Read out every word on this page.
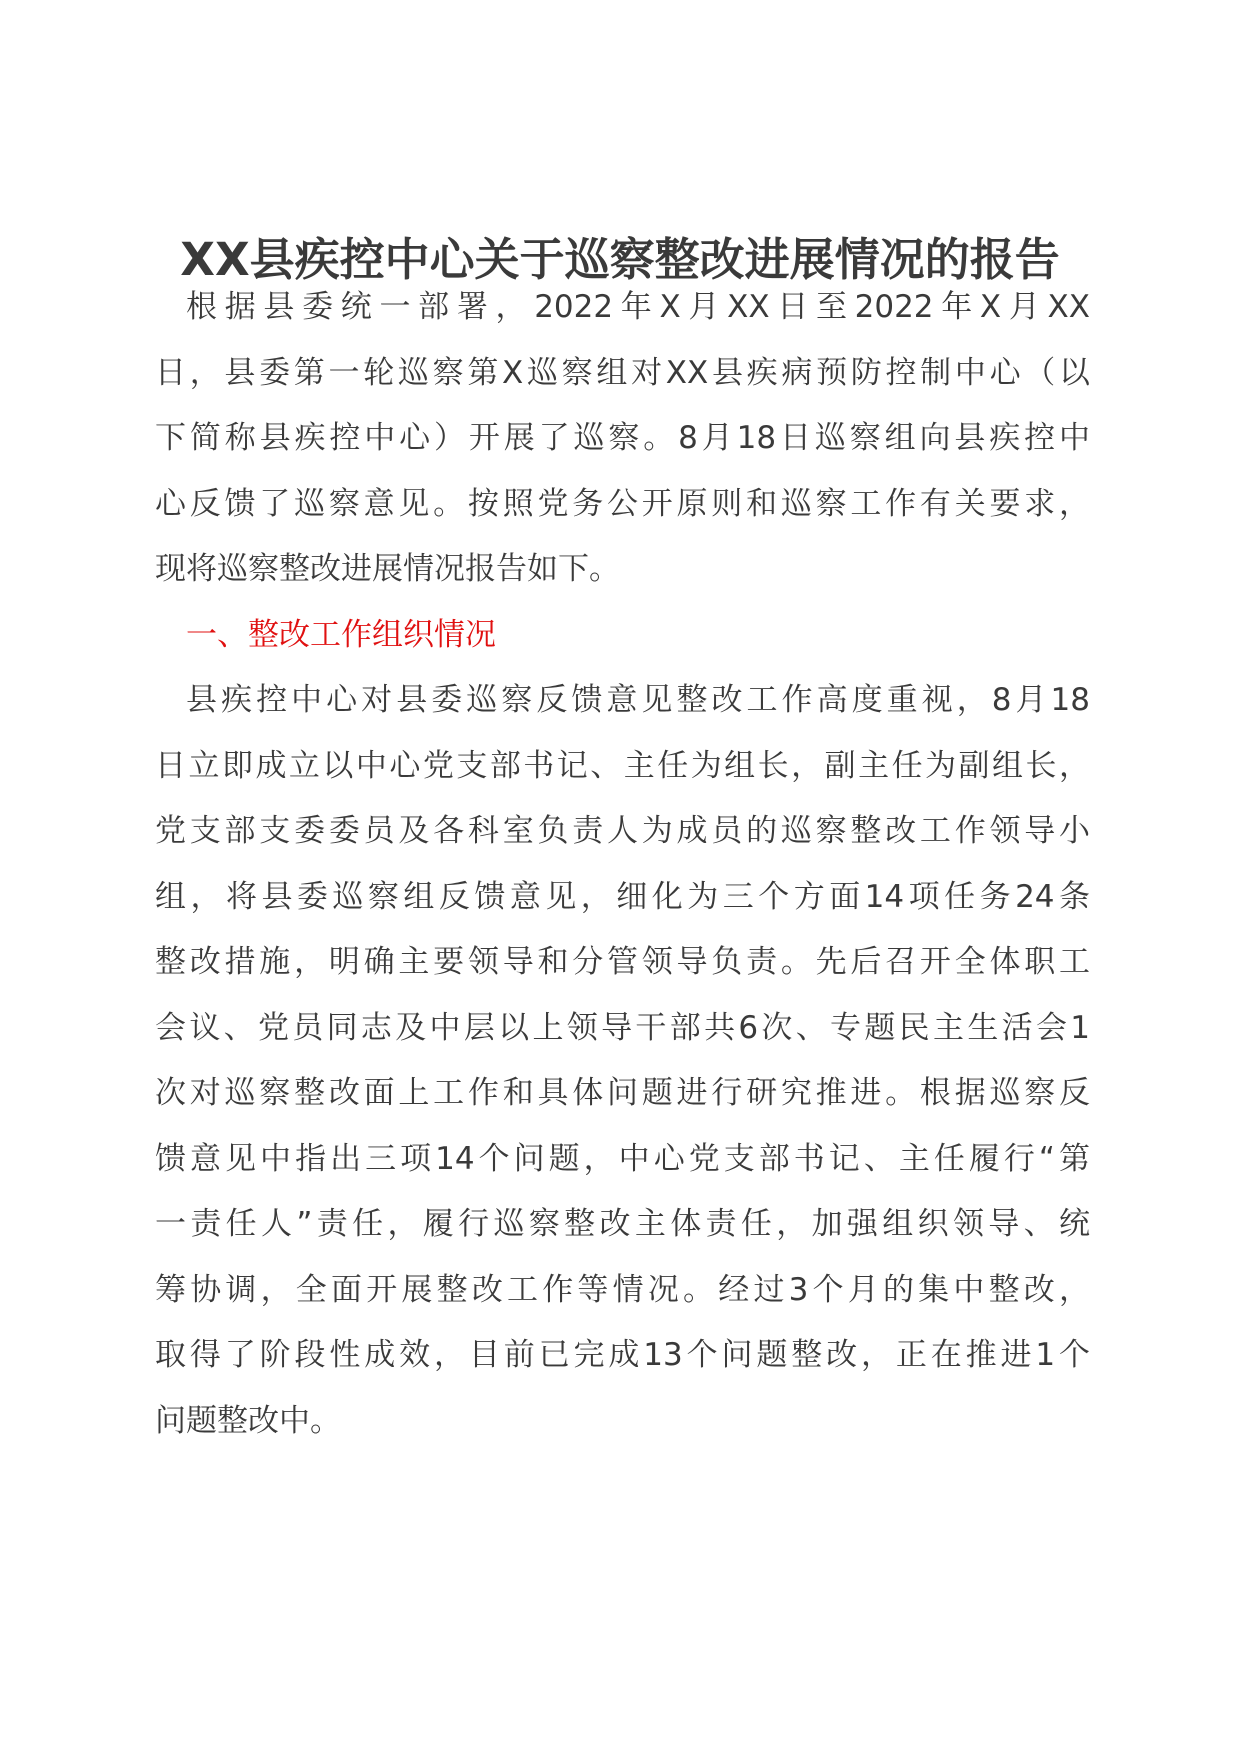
XX县疾控中心关于巡察整改进展情况的报告
根据县委统一部署，2022年X月XX日至2022年X月XX
日，县委第一轮巡察第X巡察组对XX县疾病预防控制中心（以
下简称县疾控中心）开展了巡察。8月18日巡察组向县疾控中
心反馈了巡察意见。按照党务公开原则和巡察工作有关要求，
现将巡察整改进展情况报告如下。
一、整改工作组织情况
县疾控中心对县委巡察反馈意见整改工作高度重视，8月18
日立即成立以中心党支部书记、主任为组长，副主任为副组长，
党支部支委委员及各科室负责人为成员的巡察整改工作领导小
组，将县委巡察组反馈意见，细化为三个方面14项任务24条
整改措施，明确主要领导和分管领导负责。先后召开全体职工
会议、党员同志及中层以上领导干部共6次、专题民主生活会1
次对巡察整改面上工作和具体问题进行研究推进。根据巡察反
馈意见中指出三项14个问题，中心党支部书记、主任履行“第
一责任人”责任，履行巡察整改主体责任，加强组织领导、统
筹协调，全面开展整改工作等情况。经过3个月的集中整改，
取得了阶段性成效，目前已完成13个问题整改，正在推进1个
问题整改中。
